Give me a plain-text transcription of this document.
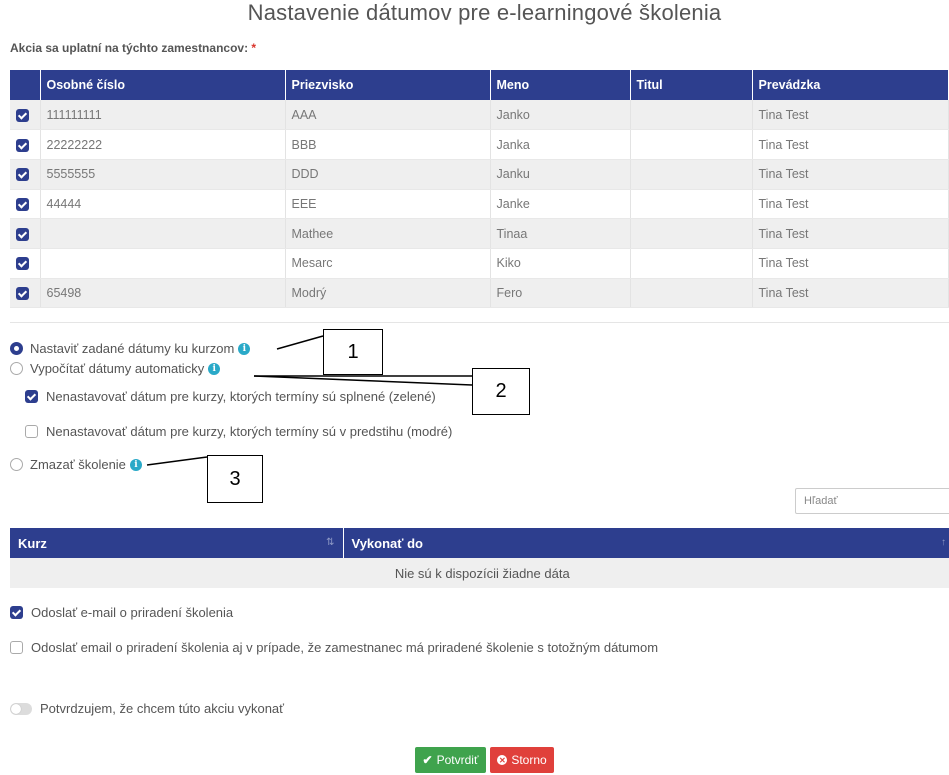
Nastavenie dátumov pre e-learningové školenia
Akcia sa uplatní na týchto zamestnancov: *
	Osobné číslo	Priezvisko	Meno	Titul	Prevádzka
	111111111	AAA	Janko		Tina Test
	22222222	BBB	Janka		Tina Test
	5555555	DDD	Janku		Tina Test
	44444	EEE	Janke		Tina Test
		Mathee	Tinaa		Tina Test
		Mesarc	Kiko		Tina Test
	65498	Modrý	Fero		Tina Test
Nastaviť zadané dátumy ku kurzom i
Vypočítať dátumy automaticky i
Nenastavovať dátum pre kurzy, ktorých termíny sú splnené (zelené)
Nenastavovať dátum pre kurzy, ktorých termíny sú v predstihu (modré)
Zmazať školenie i
1
2
3
Hľadať
Kurz	⇅	Vykonať do	↑

Nie sú k dispozícii žiadne dáta
Odoslať e-mail o priradení školenia
Odoslať email o priradení školenia aj v prípade, že zamestnanec má priradené školenie s totožným dátumom
Potvrdzujem, že chcem túto akciu vykonať
✔ Potvrdiť	✕ Storno
